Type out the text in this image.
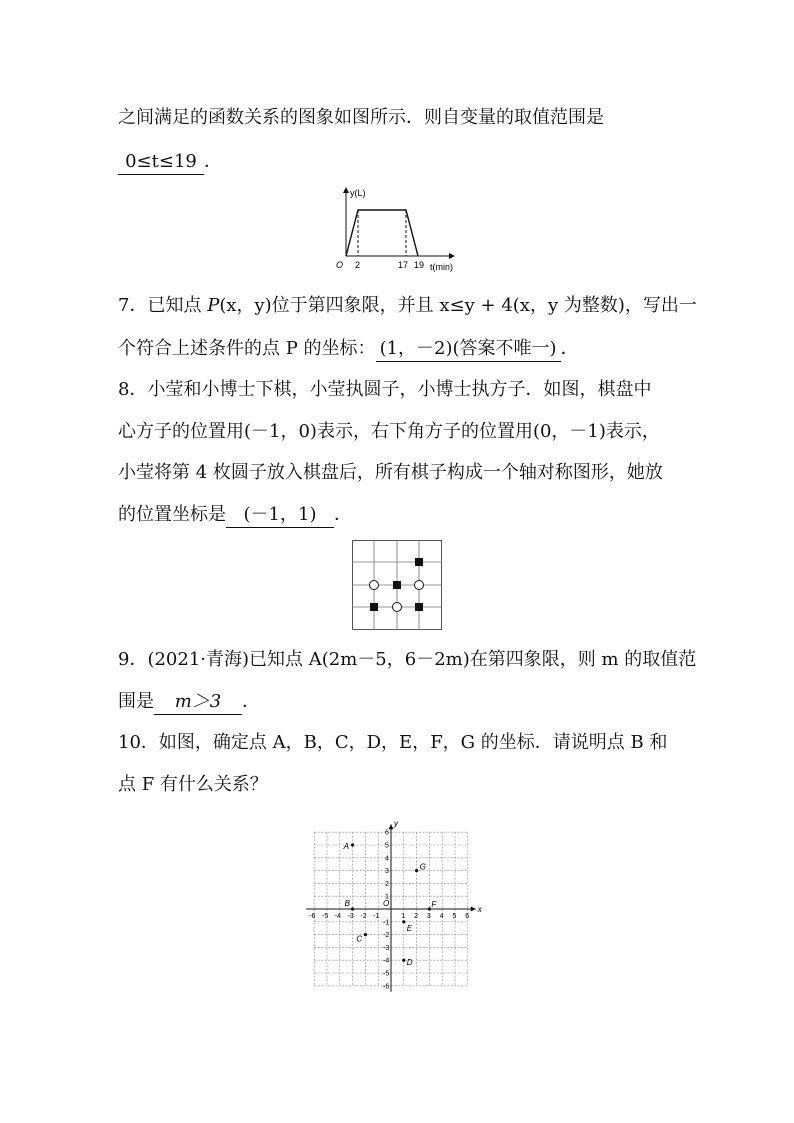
之间满足的函数关系的图象如图所示．则自变量的取值范围是
0≤t≤19 ．
y(L)
O 2	17 19 t(min)
7．已知点 P(x，y)位于第四象限，并且 x≤y + 4(x，y 为整数)，写出一
个符合上述条件的点 P 的坐标： (1，－2)(答案不唯一) ．
8．小莹和小博士下棋，小莹执圆子，小博士执方子．如图，棋盘中
心方子的位置用(－1，0)表示，右下角方子的位置用(0，－1)表示，
小莹将第 4 枚圆子放入棋盘后，所有棋子构成一个轴对称图形，她放
的位置坐标是 (－1，1) ．
9．(2021·青海)已知点 A(2m－5，6－2m)在第四象限，则 m 的取值范
围是 m＞3 ．
10．如图，确定点 A，B，C，D，E，F，G 的坐标．请说明点 B 和
点 F 有什么关系？
x
y
O
-6 -5 -4 -3 -2 -1	1 2 3 4 5 6
6
5
4
3
2
1
-1
-2
-3
-4
-5
-6
A
B
C
D
E
F
G
